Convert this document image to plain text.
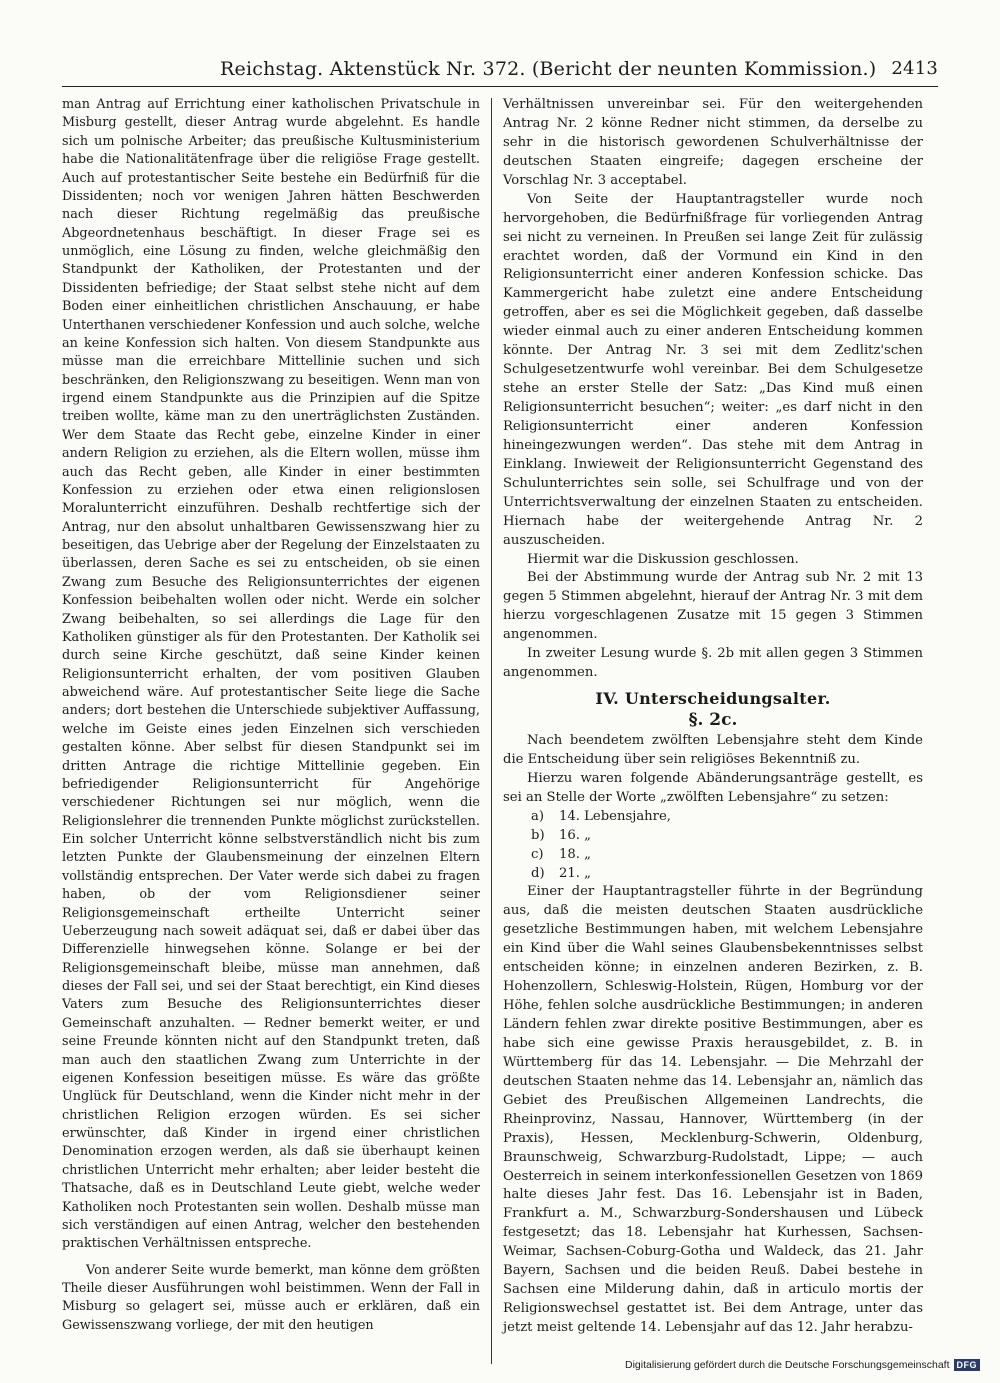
Reichstag. Aktenstück Nr. 372. (Bericht der neunten Kommission.) 2413

man Antrag auf Errichtung einer katholischen Privatschule in Misburg gestellt, dieser Antrag wurde abgelehnt. Es handle sich um polnische Arbeiter; das preußische Kultusministerium habe die Nationalitätenfrage über die religiöse Frage gestellt. Auch auf protestantischer Seite bestehe ein Bedürfniß für die Dissidenten; noch vor wenigen Jahren hätten Beschwerden nach dieser Richtung regelmäßig das preußische Abgeordnetenhaus beschäftigt. In dieser Frage sei es unmöglich, eine Lösung zu finden, welche gleichmäßig den Standpunkt der Katholiken, der Protestanten und der Dissidenten befriedige; der Staat selbst stehe nicht auf dem Boden einer einheitlichen christlichen Anschauung, er habe Unterthanen verschiedener Konfession und auch solche, welche an keine Konfession sich halten. Von diesem Standpunkte aus müsse man die erreichbare Mittellinie suchen und sich beschränken, den Religionszwang zu beseitigen. Wenn man von irgend einem Standpunkte aus die Prinzipien auf die Spitze treiben wollte, käme man zu den unerträglichsten Zuständen. Wer dem Staate das Recht gebe, einzelne Kinder in einer andern Religion zu erziehen, als die Eltern wollen, müsse ihm auch das Recht geben, alle Kinder in einer bestimmten Konfession zu erziehen oder etwa einen religionslosen Moralunterricht einzuführen. Deshalb rechtfertige sich der Antrag, nur den absolut unhaltbaren Gewissenszwang hier zu beseitigen, das Uebrige aber der Regelung der Einzelstaaten zu überlassen, deren Sache es sei zu entscheiden, ob sie einen Zwang zum Besuche des Religionsunterrichtes der eigenen Konfession beibehalten wollen oder nicht. Werde ein solcher Zwang beibehalten, so sei allerdings die Lage für den Katholiken günstiger als für den Protestanten. Der Katholik sei durch seine Kirche geschützt, daß seine Kinder keinen Religionsunterricht erhalten, der vom positiven Glauben abweichend wäre. Auf protestantischer Seite liege die Sache anders; dort bestehen die Unterschiede subjektiver Auffassung, welche im Geiste eines jeden Einzelnen sich verschieden gestalten könne. Aber selbst für diesen Standpunkt sei im dritten Antrage die richtige Mittellinie gegeben. Ein befriedigender Religionsunterricht für Angehörige verschiedener Richtungen sei nur möglich, wenn die Religionslehrer die trennenden Punkte möglichst zurückstellen. Ein solcher Unterricht könne selbstverständlich nicht bis zum letzten Punkte der Glaubensmeinung der einzelnen Eltern vollständig entsprechen. Der Vater werde sich dabei zu fragen haben, ob der vom Religionsdiener seiner Religionsgemeinschaft ertheilte Unterricht seiner Ueberzeugung nach soweit adäquat sei, daß er dabei über das Differenzielle hinwegsehen könne. Solange er bei der Religionsgemeinschaft bleibe, müsse man annehmen, daß dieses der Fall sei, und sei der Staat berechtigt, ein Kind dieses Vaters zum Besuche des Religionsunterrichtes dieser Gemeinschaft anzuhalten. — Redner bemerkt weiter, er und seine Freunde könnten nicht auf den Standpunkt treten, daß man auch den staatlichen Zwang zum Unterrichte in der eigenen Konfession beseitigen müsse. Es wäre das größte Unglück für Deutschland, wenn die Kinder nicht mehr in der christlichen Religion erzogen würden. Es sei sicher erwünschter, daß Kinder in irgend einer christlichen Denomination erzogen werden, als daß sie überhaupt keinen christlichen Unterricht mehr erhalten; aber leider besteht die Thatsache, daß es in Deutschland Leute giebt, welche weder Katholiken noch Protestanten sein wollen. Deshalb müsse man sich verständigen auf einen Antrag, welcher den bestehenden praktischen Verhältnissen entspreche.

Von anderer Seite wurde bemerkt, man könne dem größten Theile dieser Ausführungen wohl beistimmen. Wenn der Fall in Misburg so gelagert sei, müsse auch er erklären, daß ein Gewissenszwang vorliege, der mit den heutigen

Verhältnissen unvereinbar sei. Für den weitergehenden Antrag Nr. 2 könne Redner nicht stimmen, da derselbe zu sehr in die historisch gewordenen Schulverhältnisse der deutschen Staaten eingreife; dagegen erscheine der Vorschlag Nr. 3 acceptabel.

Von Seite der Hauptantragsteller wurde noch hervorgehoben, die Bedürfnißfrage für vorliegenden Antrag sei nicht zu verneinen. In Preußen sei lange Zeit für zulässig erachtet worden, daß der Vormund ein Kind in den Religionsunterricht einer anderen Konfession schicke. Das Kammergericht habe zuletzt eine andere Entscheidung getroffen, aber es sei die Möglichkeit gegeben, daß dasselbe wieder einmal auch zu einer anderen Entscheidung kommen könnte. Der Antrag Nr. 3 sei mit dem Zedlitz'schen Schulgesetzentwurfe wohl vereinbar. Bei dem Schulgesetze stehe an erster Stelle der Satz: „Das Kind muß einen Religionsunterricht besuchen“; weiter: „es darf nicht in den Religionsunterricht einer anderen Konfession hineingezwungen werden“. Das stehe mit dem Antrag in Einklang. Inwieweit der Religionsunterricht Gegenstand des Schulunterrichtes sein solle, sei Schulfrage und von der Unterrichtsverwaltung der einzelnen Staaten zu entscheiden. Hiernach habe der weitergehende Antrag Nr. 2 auszuscheiden.

Hiermit war die Diskussion geschlossen.

Bei der Abstimmung wurde der Antrag sub Nr. 2 mit 13 gegen 5 Stimmen abgelehnt, hierauf der Antrag Nr. 3 mit dem hierzu vorgeschlagenen Zusatze mit 15 gegen 3 Stimmen angenommen.

In zweiter Lesung wurde §. 2b mit allen gegen 3 Stimmen angenommen.

IV. Unterscheidungsalter.
§. 2c.

Nach beendetem zwölften Lebensjahre steht dem Kinde die Entscheidung über sein religiöses Bekenntniß zu.

Hierzu waren folgende Abänderungsanträge gestellt, es sei an Stelle der Worte „zwölften Lebensjahre“ zu setzen:

a)	14. Lebensjahre,
b)	16. „
c)	18. „
d)	21. „

Einer der Hauptantragsteller führte in der Begründung aus, daß die meisten deutschen Staaten ausdrückliche gesetzliche Bestimmungen haben, mit welchem Lebensjahre ein Kind über die Wahl seines Glaubensbekenntnisses selbst entscheiden könne; in einzelnen anderen Bezirken, z. B. Hohenzollern, Schleswig-Holstein, Rügen, Homburg vor der Höhe, fehlen solche ausdrückliche Bestimmungen; in anderen Ländern fehlen zwar direkte positive Bestimmungen, aber es habe sich eine gewisse Praxis herausgebildet, z. B. in Württemberg für das 14. Lebensjahr. — Die Mehrzahl der deutschen Staaten nehme das 14. Lebensjahr an, nämlich das Gebiet des Preußischen Allgemeinen Landrechts, die Rheinprovinz, Nassau, Hannover, Württemberg (in der Praxis), Hessen, Mecklenburg-Schwerin, Oldenburg, Braunschweig, Schwarzburg-Rudolstadt, Lippe; — auch Oesterreich in seinem interkonfessionellen Gesetzen von 1869 halte dieses Jahr fest. Das 16. Lebensjahr ist in Baden, Frankfurt a. M., Schwarzburg-Sondershausen und Lübeck festgesetzt; das 18. Lebensjahr hat Kurhessen, Sachsen-Weimar, Sachsen-Coburg-Gotha und Waldeck, das 21. Jahr Bayern, Sachsen und die beiden Reuß. Dabei bestehe in Sachsen eine Milderung dahin, daß in articulo mortis der Religionswechsel gestattet ist. Bei dem Antrage, unter das jetzt meist geltende 14. Lebensjahr auf das 12. Jahr herabzu-

Digitalisierung gefördert durch die Deutsche Forschungsgemeinschaft DFG
